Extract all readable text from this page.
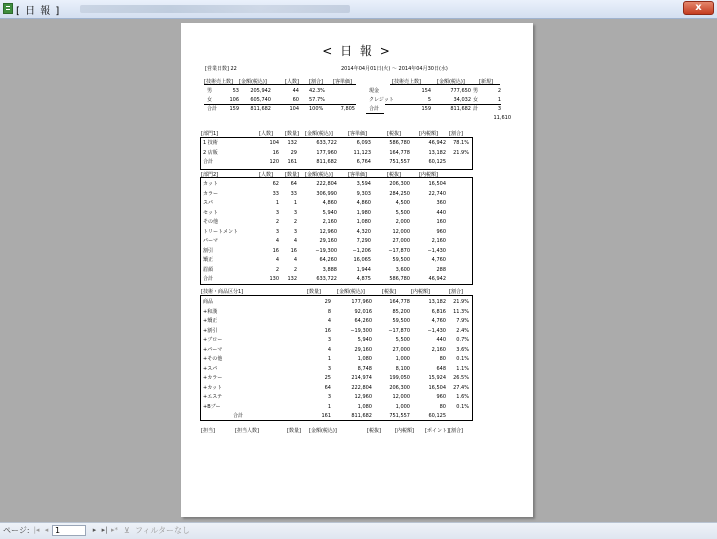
[ 日 報 ]	x
< 日 報 >
[営業日数] 22	2014年04月01日(火) ～ 2014年04月30日(水)
[技術売上数]	[金額(税込)]	[人数]	[割合]	[客単価]
男	53	205,942	44 42.3%
女	106	605,740	60 57.7%
合計	159	811,682	104 100%	7,805
[技術売上数]	[金額(税込)]	[新規]
現金	154	777,650 男	2
クレジット	5	34,032 女	1
合計	159	811,682 計	3
11,610
[部門1]	[人数]	[数量]	[金額(税込)]	[客単価]	[税抜]	[内税額]	[割合]
1 技術	104	132	633,722	6,093	586,780	46,942	78.1%
2 店販	16	29	177,960	11,123	164,778	13,182	21.9%
合計	120	161	811,682	6,764	751,557	60,125
[部門2]	[人数]	[数量]	[金額(税込)]	[客単価]	[税抜]	[内税額]
カット	62	64	222,804	3,594	206,300	16,504
カラー	33	33	306,990	9,303	284,250	22,740
スパ	1	1	4,860	4,860	4,500	360
セット	3	3	5,940	1,980	5,500	440
その他	2	2	2,160	1,080	2,000	160
トリートメント	3	3	12,960	4,320	12,000	960
パーマ	4	4	29,160	7,290	27,000	2,160
割引	16	16	−19,300	−1,206	−17,870	−1,430
矯正	4	4	64,260	16,065	59,500	4,760
眉顔	2	2	3,888	1,944	3,600	288
合計	130	132	633,722	4,875	586,780	46,942
[技術・商品区分1]	[数量]	[金額(税込)]	[税抜]	[内税額]	[割合]
商品	29	177,960	164,778	13,182	21.9%
+和漢	8	92,016	85,200	6,816	11.3%
+矯正	4	64,260	59,500	4,760	7.9%
+割引	16	−19,300	−17,870	−1,430	2.4%
+ブロー	3	5,940	5,500	440	0.7%
+パーマ	4	29,160	27,000	2,160	3.6%
+その他	1	1,080	1,000	80	0.1%
+スパ	3	8,748	8,100	648	1.1%
+カラー	25	214,974	199,050	15,924	26.5%
+カット	64	222,804	206,300	16,504	27.4%
+エステ	3	12,960	12,000	960	1.6%
+Bブー	1	1,080	1,000	80	0.1%
合計	161	811,682	751,557	60,125
[担当]	[担当人数]	[数量] [金額(税込)]	[税抜]	[内税額] [ポイント] [割合]
ページ: |◂ ◂ 1	▸ ▸| ▸* ⊻ フィルターなし
